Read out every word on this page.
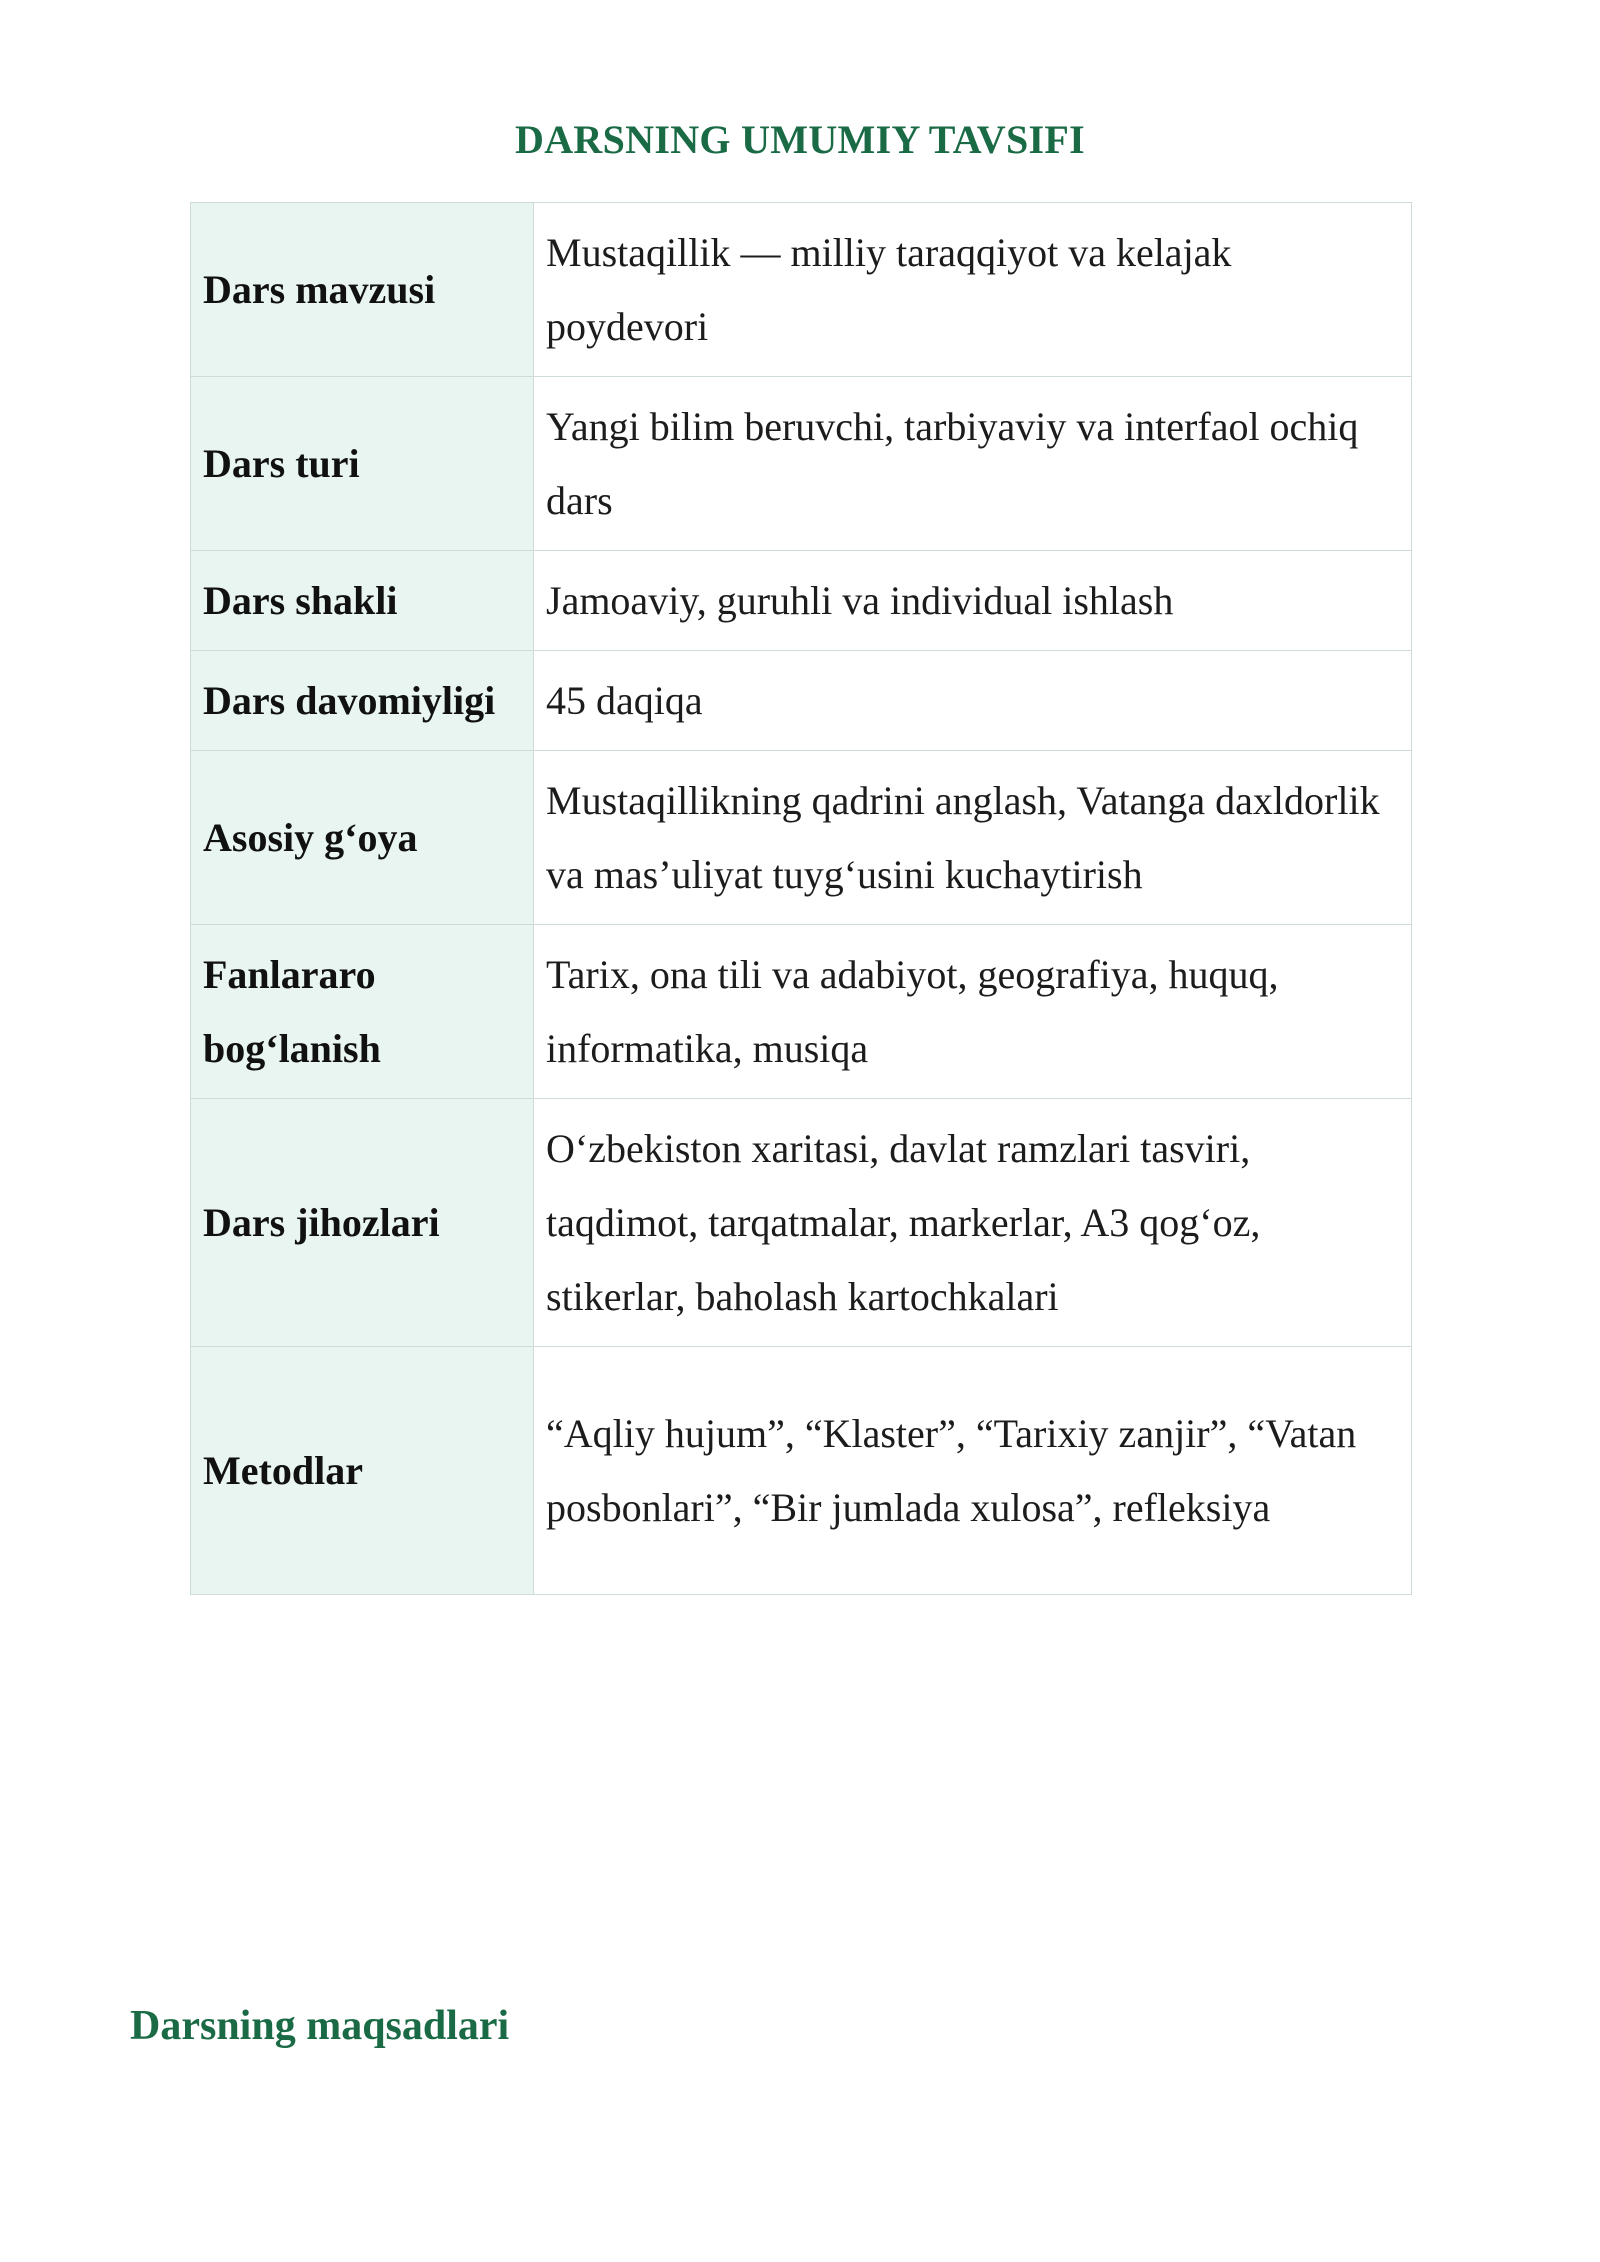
DARSNING UMUMIY TAVSIFI
Dars mavzusi	Mustaqillik — milliy taraqqiyot va kelajak poydevori
Dars turi	Yangi bilim beruvchi, tarbiyaviy va interfaol ochiq dars
Dars shakli	Jamoaviy, guruhli va individual ishlash
Dars davomiyligi	45 daqiqa
Asosiy g‘oya	Mustaqillikning qadrini anglash, Vatanga daxldorlik va mas’uliyat tuyg‘usini kuchaytirish
Fanlararo bog‘lanish	Tarix, ona tili va adabiyot, geografiya, huquq, informatika, musiqa
Dars jihozlari	O‘zbekiston xaritasi, davlat ramzlari tasviri, taqdimot, tarqatmalar, markerlar, A3 qog‘oz, stikerlar, baholash kartochkalari
Metodlar	“Aqliy hujum”, “Klaster”, “Tarixiy zanjir”, “Vatan posbonlari”, “Bir jumlada xulosa”, refleksiya
Darsning maqsadlari
